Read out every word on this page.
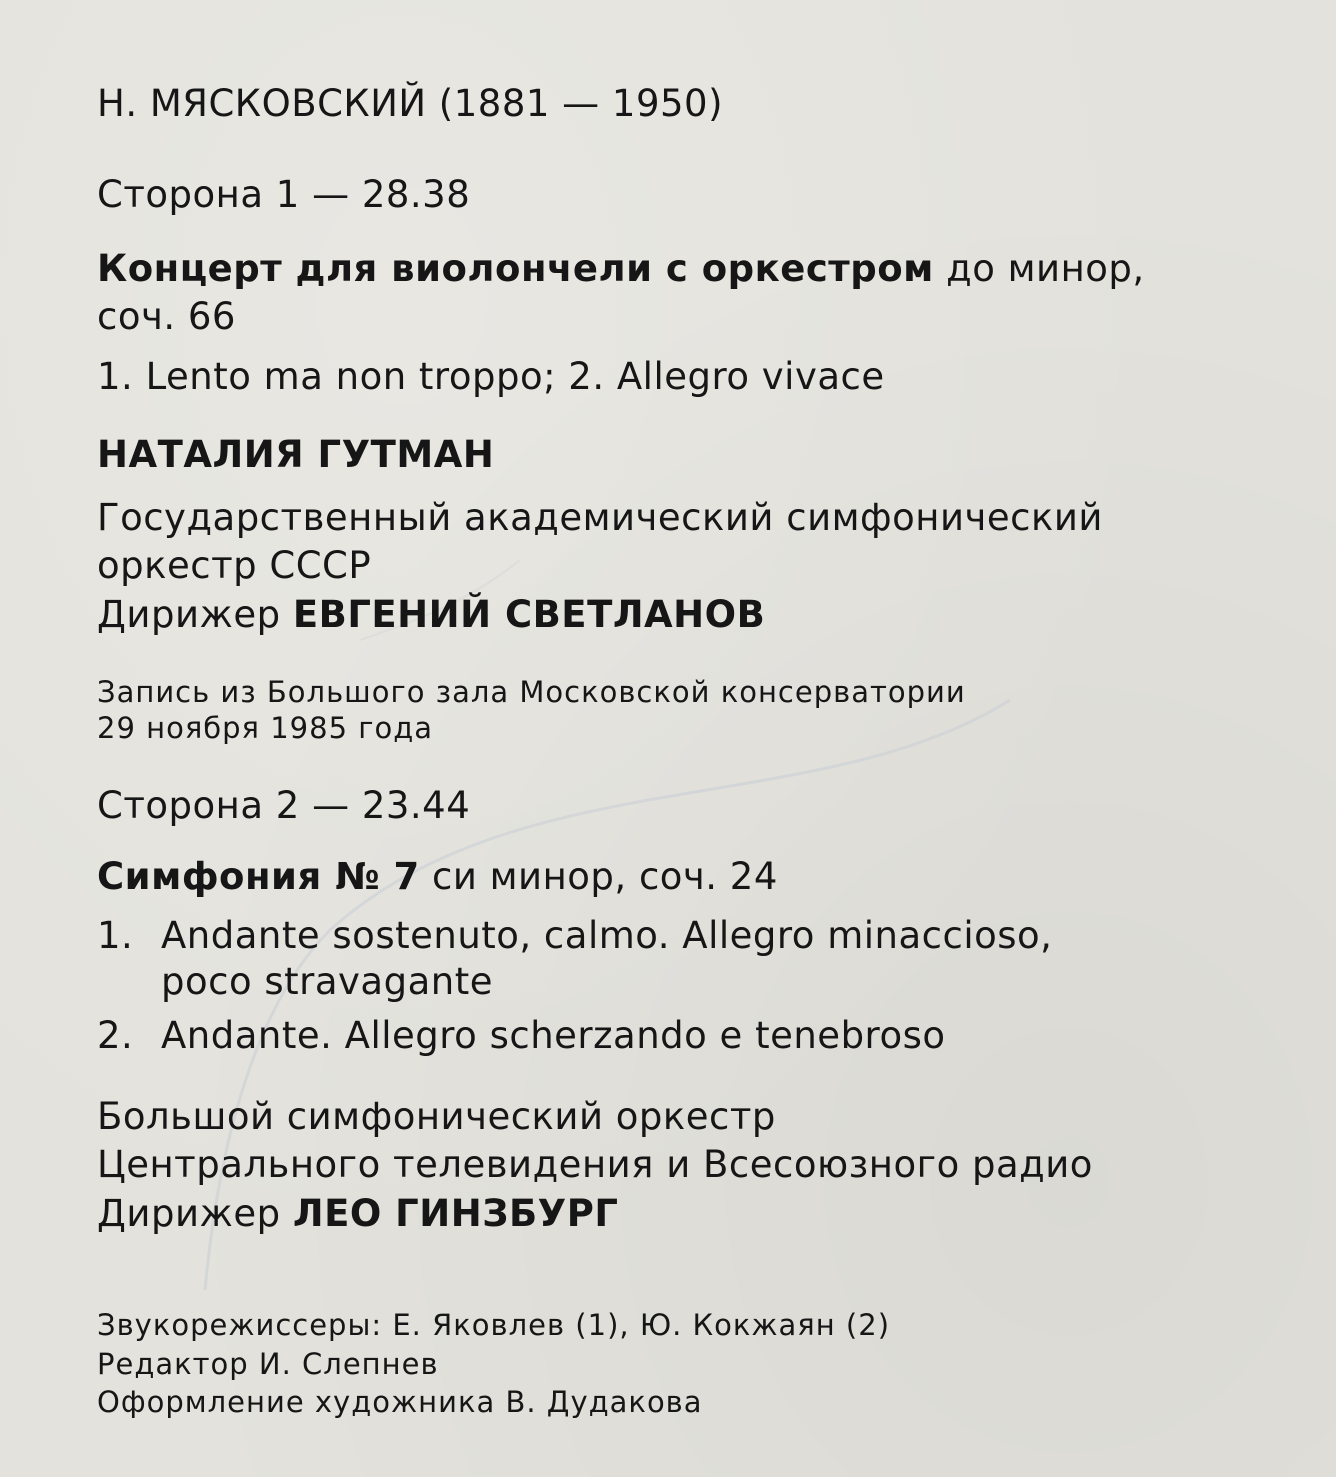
Н. МЯСКОВСКИЙ (1881 — 1950)
Сторона 1 — 28.38
Концерт для виолончели с оркестром до минор,
соч. 66
1. Lento ma non troppo; 2. Allegro vivace
НАТАЛИЯ ГУТМАН
Государственный академический симфонический
оркестр СССР
Дирижер ЕВГЕНИЙ СВЕТЛАНОВ
Запись из Большого зала Московской консерватории
29 ноября 1985 года
Сторона 2 — 23.44
Симфония № 7 си минор, соч. 24
1. Andante sostenuto, calmo. Allegro minaccioso,
poco stravagante
2. Andante. Allegro scherzando e tenebroso
Большой симфонический оркестр
Центрального телевидения и Всесоюзного радио
Дирижер ЛЕО ГИНЗБУРГ
Звукорежиссеры: Е. Яковлев (1), Ю. Кокжаян (2)
Редактор И. Слепнев
Оформление художника В. Дудакова
